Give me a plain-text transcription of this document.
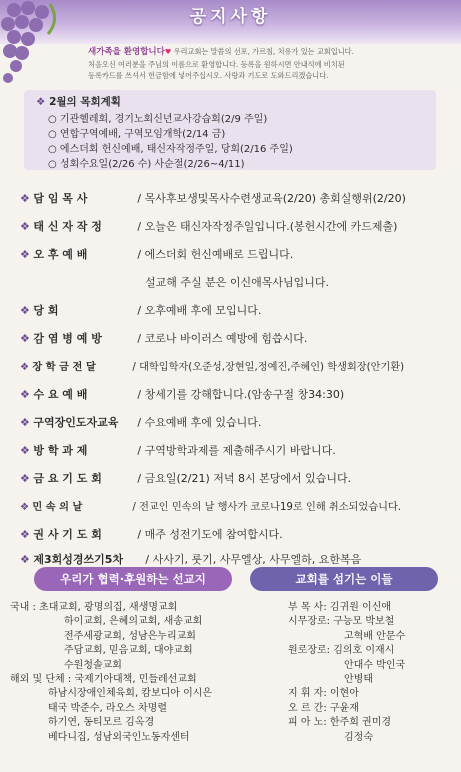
공지사항
새가족을 환영합니다♥ 우리교회는 말씀의 선포, 가르침, 치유가 있는 교회입니다.
처음오신 여러분을 주님의 이름으로 환영합니다. 등록을 원하시면 안내석에 비치된
등록카드를 쓰셔서 헌금함에 넣어주십시오. 사랑과 기도로 도와드리겠습니다.
❖ 2월의 목회계획
○ 기관헬레회, 경기노회신년교사강습회(2/9 주일)
○ 연합구역예배, 구역모임개학(2/14 금)
○ 에스더회 헌신예배, 태신자작정주일, 당회(2/16 주일)
○ 성회수요일(2/26 수) 사순절(2/26~4/11)
❖ 담 임 목 사	/ 목사후보생및목사수련생교육(2/20) 총회실행위(2/20)
❖ 태 신 자 작 정	/ 오늘은 태신자작정주일입니다.(봉헌시간에 카드제출)
❖ 오 후 예 배	/ 에스더회 헌신예배로 드립니다.
설교해 주실 분은 이신애목사님입니다.
❖ 당 회	/ 오후예배 후에 모입니다.
❖ 감 염 병 예 방	/ 코로나 바이러스 예방에 힘씁시다.
❖ 장 학 금 전 달	/ 대학입학자(오준성,장현일,정예진,주혜인) 학생회장(안기환)
❖ 수 요 예 배	/ 창세기를 강해합니다.(암송구절 창34:30)
❖ 구역장인도자교육 / 수요예배 후에 있습니다.
❖ 방 학 과 제	/ 구역방학과제를 제출해주시기 바랍니다.
❖ 금 요 기 도 회	/ 금요일(2/21) 저녁 8시 본당에서 있습니다.
❖ 민 속 의 날	/ 전교인 민속의 날 행사가 코로나19로 인해 취소되었습니다.
❖ 권 사 기 도 회	/ 매주 성전기도에 참여합시다.
❖ 제3회성경쓰기5차 / 사사기, 룻기, 사무엘상, 사무엘하, 요한복음
우리가 협력·후원하는 선교지	교회를 섬기는 이들
국내 : 초대교회, 광명의집, 새생명교회
하이교회, 은혜의교회, 새송교회
전주세광교회, 성남은누리교회
주담교회, 믿음교회, 대야교회
수원청솔교회
해외 및 단체 : 국제기아대책, 민들레선교회
하남시장애인체육회, 캄보디아 이시은
태국 박준수, 라오스 차명렬
하기연, 동티모르 김옥경
베다니집, 성남외국인노동자센터
부 목 사: 김귀원 이신애
시무장로: 구능모 박보철
고혁배 안문수
원로장로: 김의호 이재시
안대수 박인국
안병태
지 휘 자: 이현아
오 르 간: 구윤재
피 아 노: 한주희 권미경
김정숙
